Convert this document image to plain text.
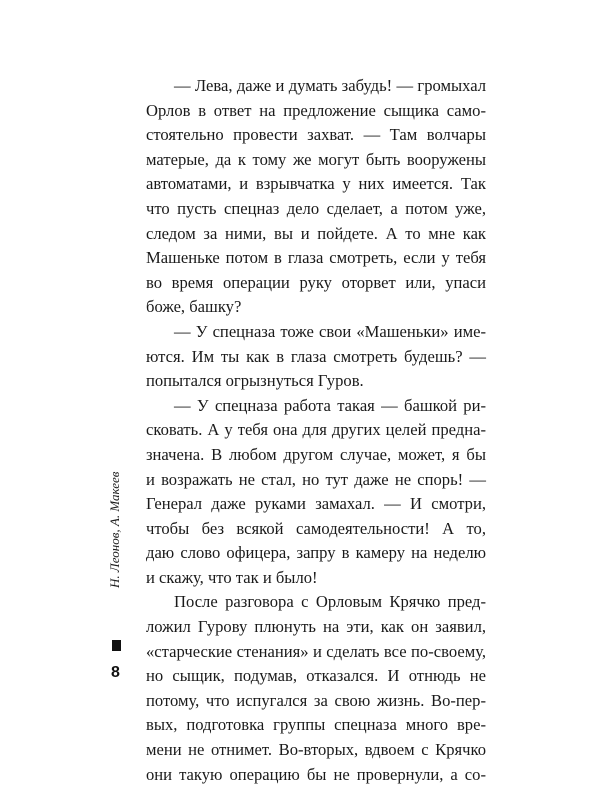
— Лева, даже и думать забудь! — громыхал
Орлов в ответ на предложение сыщика само-
стоятельно провести захват. — Там волчары
матерые, да к тому же могут быть вооружены
автоматами, и взрывчатка у них имеется. Так
что пусть спецназ дело сделает, а потом уже,
следом за ними, вы и пойдете. А то мне как
Машеньке потом в глаза смотреть, если у тебя
во время операции руку оторвет или, упаси
боже, башку?
— У спецназа тоже свои «Машеньки» име-
ются. Им ты как в глаза смотреть будешь? —
попытался огрызнуться Гуров.
— У спецназа работа такая — башкой ри-
сковать. А у тебя она для других целей предна-
значена. В любом другом случае, может, я бы
и возражать не стал, но тут даже не спорь! —
Генерал даже руками замахал. — И смотри,
чтобы без всякой самодеятельности! А то,
даю слово офицера, запру в камеру на неделю
и скажу, что так и было!
После разговора с Орловым Крячко пред-
ложил Гурову плюнуть на эти, как он заявил,
«старческие стенания» и сделать все по-своему,
но сыщик, подумав, отказался. И отнюдь не
потому, что испугался за свою жизнь. Во-пер-
вых, подготовка группы спецназа много вре-
мени не отнимет. Во-вторых, вдвоем с Крячко
они такую операцию бы не провернули, а со-
Н. Леонов, А. Макеев
8
